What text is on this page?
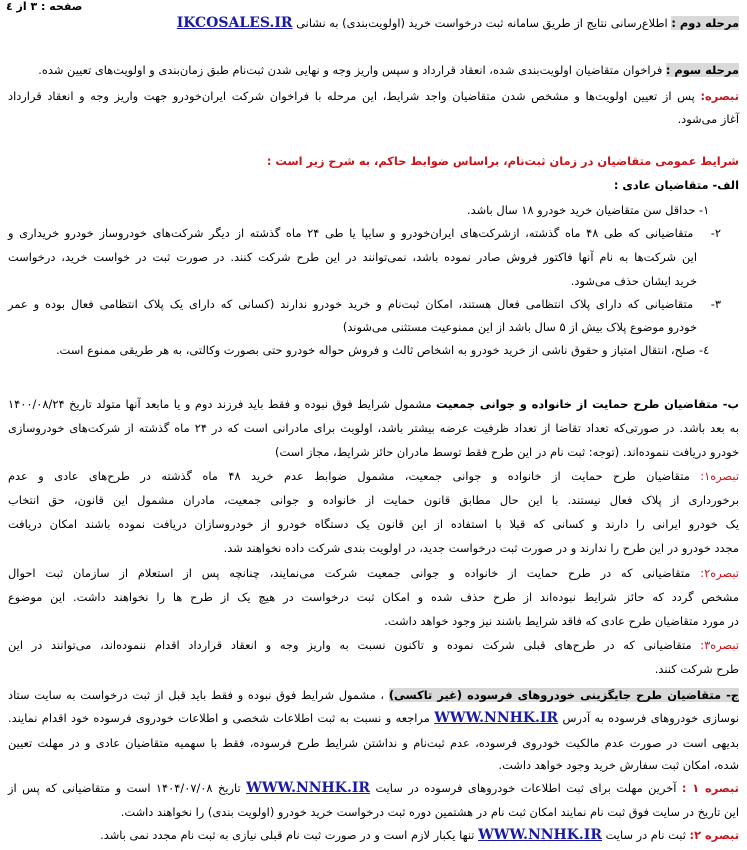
صفحه : ۳ از ٤
مرحله دوم : اطلاع‌رسانی نتایج از طریق سامانه ثبت درخواست خرید (اولویت‌بندی) به نشانی IKCOSALES.IR
مرحله سوم : فراخوان متقاضیان اولویت‌بندی شده، انعقاد قرارداد و سپس واریز وجه و نهایی شدن ثبت‌نام طبق زمان‌بندی و اولویت‌های تعیین شده.
تبصره: پس از تعیین اولویت‌ها و مشخص شدن متقاضیان واجد شرایط، این مرحله با فراخوان شرکت ایران‌خودرو جهت واریز وجه و انعقاد قرارداد
آغاز می‌شود.
شرایط عمومی متقاضیان در زمان ثبت‌نام، براساس ضوابط حاکم، به شرح زیر است :
الف- متقاضیان عادی :
۱- حداقل سن متقاضیان خرید خودرو ۱۸ سال باشد.
۲- متقاضیانی که طی ۴۸ ماه گذشته، ازشرکت‌های ایران‌خودرو و سایپا یا طی ۲۴ ماه گذشته از دیگر شرکت‌های خودروساز خودرو خریداری و
این شرکت‌ها به نام آنها فاکتور فروش صادر نموده باشد، نمی‌توانند در این طرح شرکت کنند. در صورت ثبت در خواست خرید، درخواست
خرید ایشان حذف می‌شود.
۳- متقاضیانی که دارای پلاک انتظامی فعال هستند، امکان ثبت‌نام و خرید خودرو ندارند (کسانی که دارای یک پلاک انتظامی فعال بوده و عمر
خودرو موضوع پلاک بیش از ۵ سال باشد از این ممنوعیت مستثنی می‌شوند)
٤- صلح، انتقال امتیاز و حقوق ناشی از خرید خودرو به اشخاص ثالث و فروش حواله خودرو حتی بصورت وکالتی، به هر طریقی ممنوع است.
ب- متقاضیان طرح حمایت از خانواده و جوانی جمعیت مشمول شرایط فوق نبوده و فقط باید فرزند دوم و یا مابعد آنها متولد تاریخ ۱۴۰۰/۰۸/۲۴
به بعد باشد. در صورتی‌که تعداد تقاضا از تعداد ظرفیت عرضه بیشتر باشد، اولویت برای مادرانی است که در ۲۴ ماه گذشته از شرکت‌های خودروسازی
خودرو دریافت ننموده‌اند. (توجه: ثبت نام در این طرح فقط توسط مادران حائز شرایط، مجاز است)
تبصره۱: متقاضیان طرح حمایت از خانواده و جوانی جمعیت، مشمول ضوابط عدم خرید ۴۸ ماه گذشته در طرح‌های عادی و عدم
برخورداری از پلاک فعال نیستند. با این حال مطابق قانون حمایت از خانواده و جوانی جمعیت، مادران مشمول این قانون، حق انتخاب
یک خودرو ایرانی را دارند و کسانی که قبلا با استفاده از این قانون یک دستگاه خودرو از خودروسازان دریافت نموده باشند امکان دریافت
مجدد خودرو در این طرح را ندارند و در صورت ثبت درخواست جدید، در اولویت بندی شرکت داده نخواهند شد.
تبصره۲: متقاضیانی که در طرح حمایت از خانواده و جوانی جمعیت شرکت می‌نمایند، چنانچه پس از استعلام از سازمان ثبت احوال
مشخص گردد که حائز شرایط نبوده‌اند از طرح حذف شده و امکان ثبت درخواست در هیچ یک از طرح ها را نخواهند داشت. این موضوع
در مورد متقاضیان طرح عادی که فاقد شرایط باشند نیز وجود خواهد داشت.
تبصره۳: متقاضیانی که در طرح‌های قبلی شرکت نموده و تاکنون نسبت به واریز وجه و انعقاد قرارداد اقدام ننموده‌اند، می‌توانند در این
طرح شرکت کنند.
ج- متقاضیان طرح جایگزینی خودروهای فرسوده (غیر تاکسی) ، مشمول شرایط فوق نبوده و فقط باید قبل از ثبت درخواست به سایت ستاد
نوسازی خودروهای فرسوده به آدرس WWW.NNHK.IR مراجعه و نسبت به ثبت اطلاعات شخصی و اطلاعات خودروی فرسوده خود اقدام نمایند.
بدیهی است در صورت عدم مالکیت خودروی فرسوده، عدم ثبت‌نام و نداشتن شرایط طرح فرسوده، فقط با سهمیه متقاضیان عادی و در مهلت تعیین
شده، امکان ثبت سفارش خرید وجود خواهد داشت.
تبصره ۱ : آخرین مهلت برای ثبت اطلاعات خودروهای فرسوده در سایت WWW.NNHK.IR تاریخ ۱۴۰۴/۰۷/۰۸ است و متقاضیانی که پس از
این تاریخ در سایت فوق ثبت نام نمایند امکان ثبت نام در هشتمین دوره ثبت درخواست خرید خودرو (اولویت بندی) را نخواهند داشت.
تبصره ۲: ثبت نام در سایت WWW.NNHK.IR تنها یکبار لازم است و در صورت ثبت نام قبلی نیازی به ثبت نام مجدد نمی باشد.
